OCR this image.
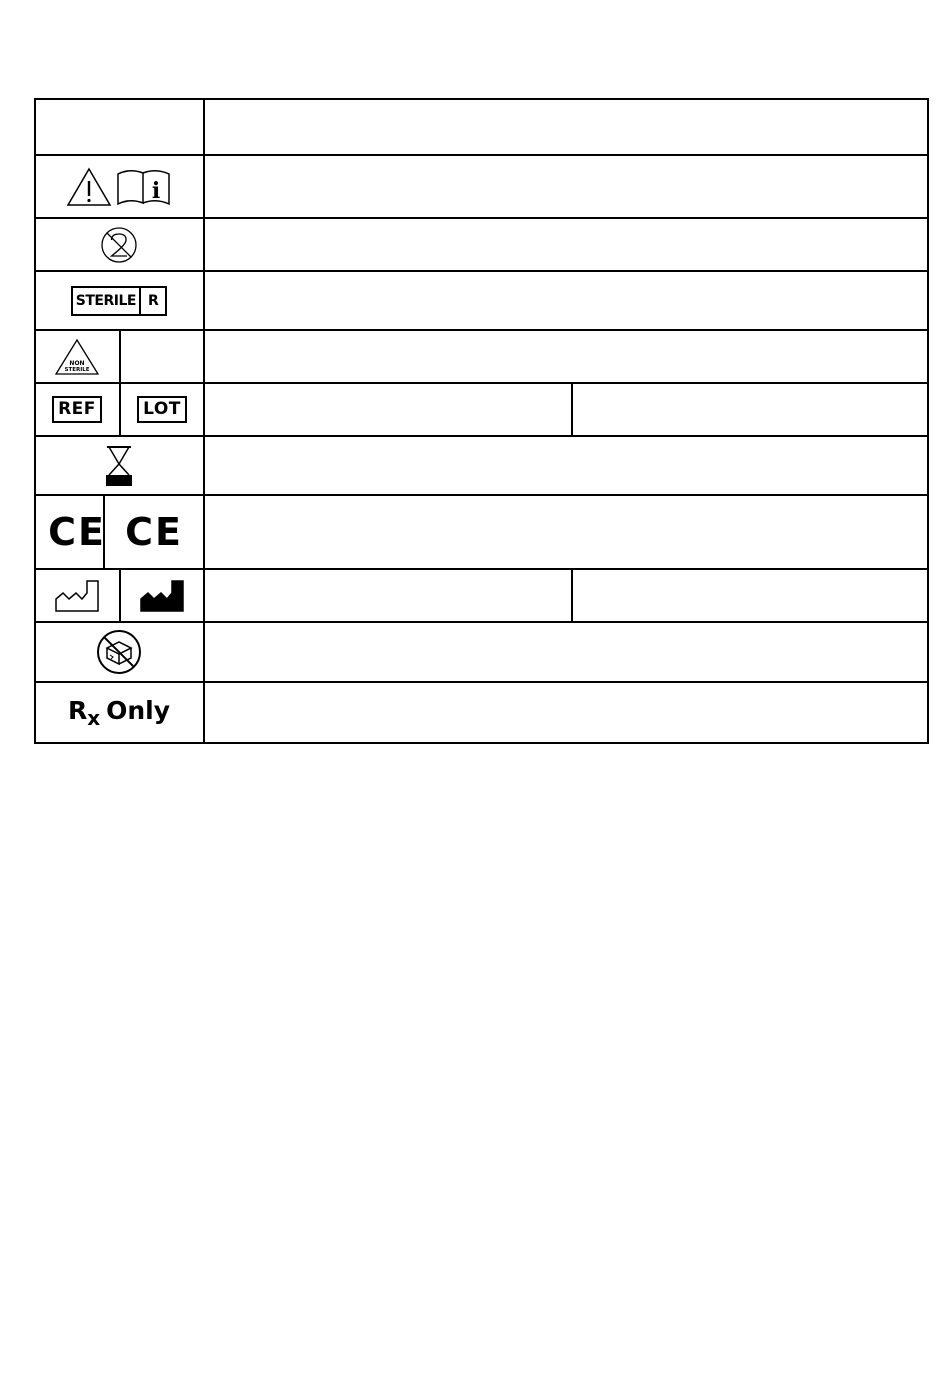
i
STERILE R
NON
STERILE
REF	LOT
CE CE
$R_x$ Only
